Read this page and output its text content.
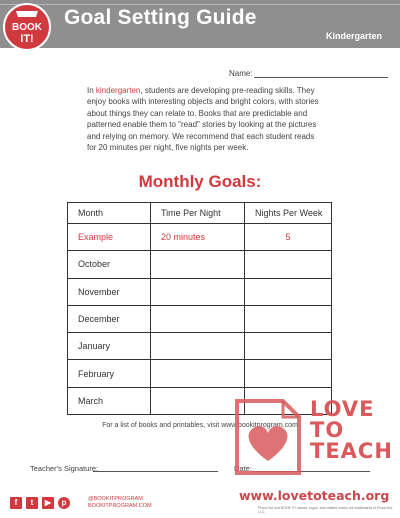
BOOK
IT!
Goal Setting Guide
Kindergarten
Name:
In kindergarten, students are developing pre-reading skills. They enjoy books with interesting objects and bright colors, with stories about things they can relate to. Books that are predictable and patterned enable them to "read" stories by looking at the pictures and relying on memory. We recommend that each student reads for 20 minutes per night, five nights per week.
Monthly Goals:
Month	Time Per Night	Nights Per Week
Example	20 minutes	5
October		
November		
December		
January		
February		
March		
For a list of books and printables, visit www.bookitprogram.com
Teacher's Signature:	Date:
f	t	▶	p	@BOOKITPROGRAM
BOOKITPROGRAM.COM
LOVE
TO
TEACH
www.lovetoteach.org
Pizza Hut and BOOK IT! names, logos, and related marks are trademarks of Pizza Hut, LLC.
